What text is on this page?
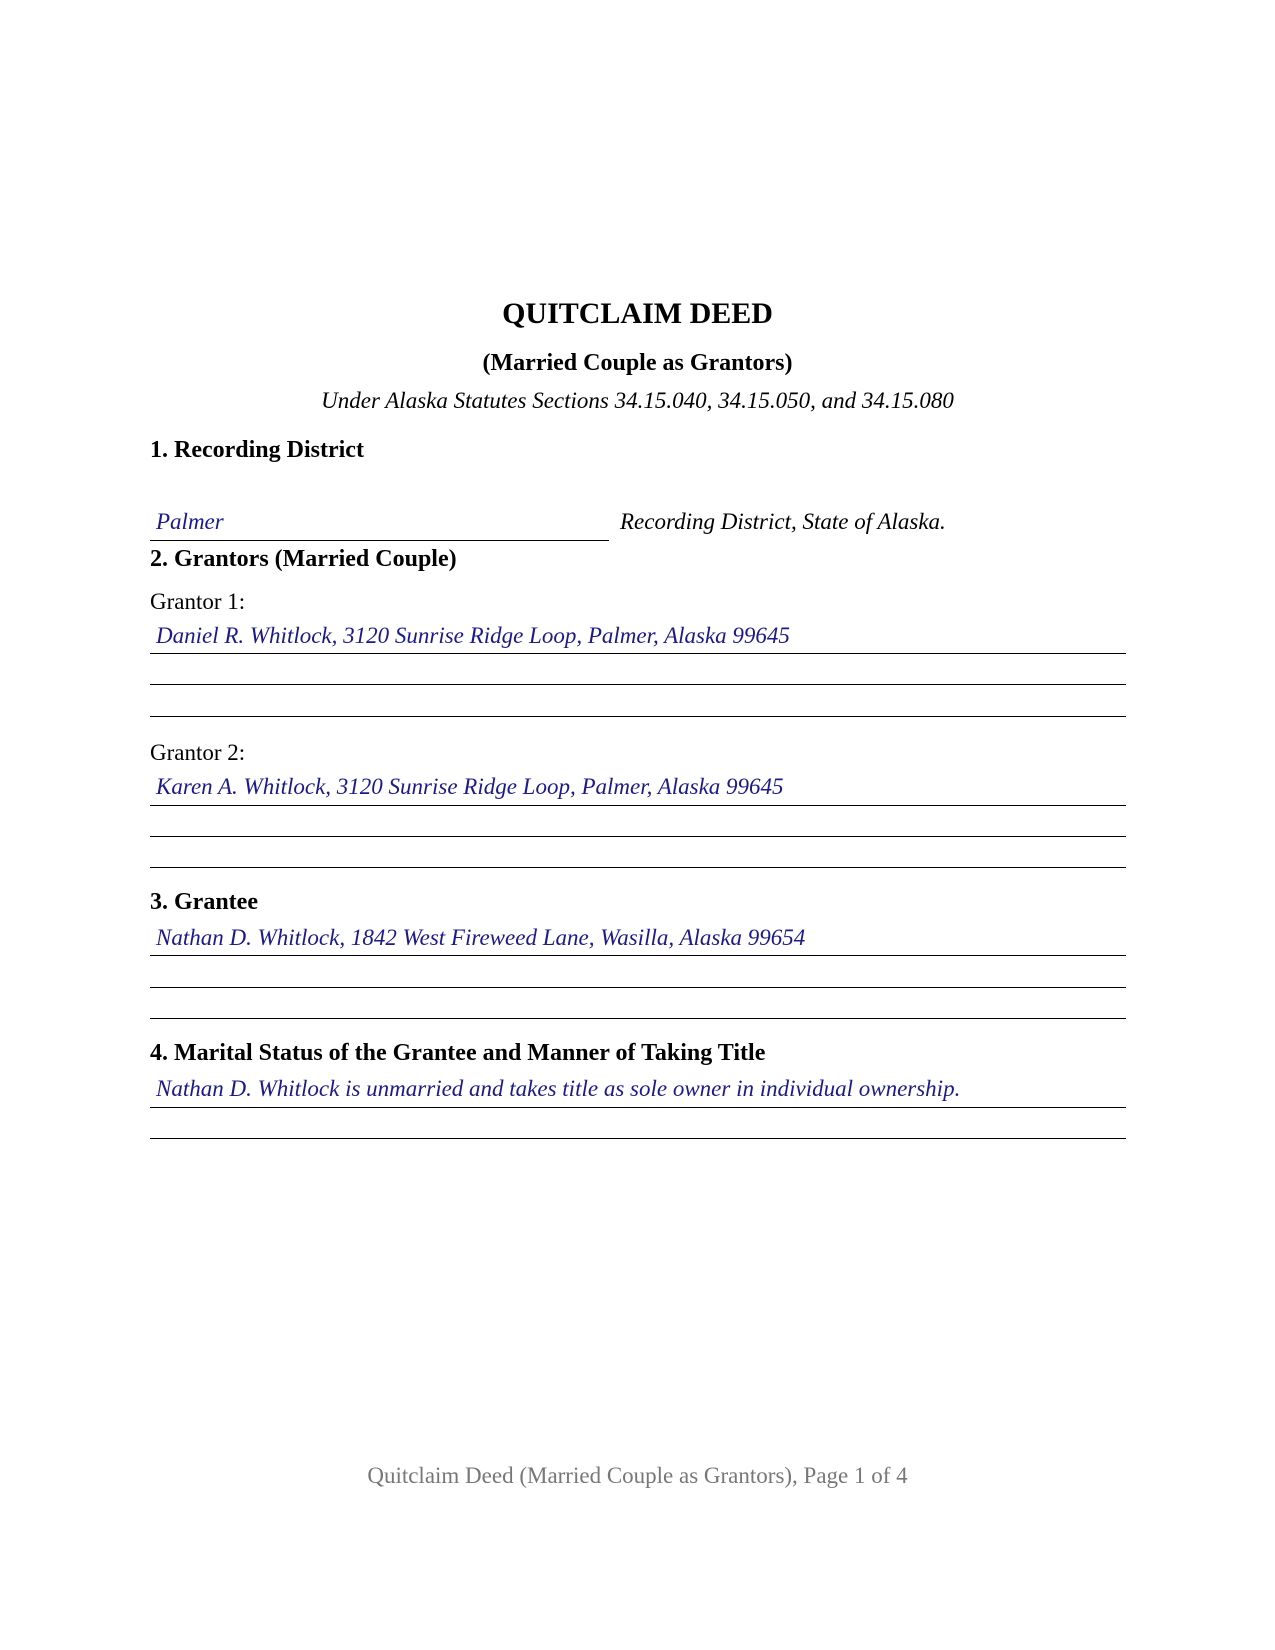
QUITCLAIM DEED
(Married Couple as Grantors)
Under Alaska Statutes Sections 34.15.040, 34.15.050, and 34.15.080
1. Recording District
Palmer	Recording District, State of Alaska.
2. Grantors (Married Couple)
Grantor 1:
Daniel R. Whitlock, 3120 Sunrise Ridge Loop, Palmer, Alaska 99645
Grantor 2:
Karen A. Whitlock, 3120 Sunrise Ridge Loop, Palmer, Alaska 99645
3. Grantee
Nathan D. Whitlock, 1842 West Fireweed Lane, Wasilla, Alaska 99654
4. Marital Status of the Grantee and Manner of Taking Title
Nathan D. Whitlock is unmarried and takes title as sole owner in individual ownership.
Quitclaim Deed (Married Couple as Grantors), Page 1 of 4
